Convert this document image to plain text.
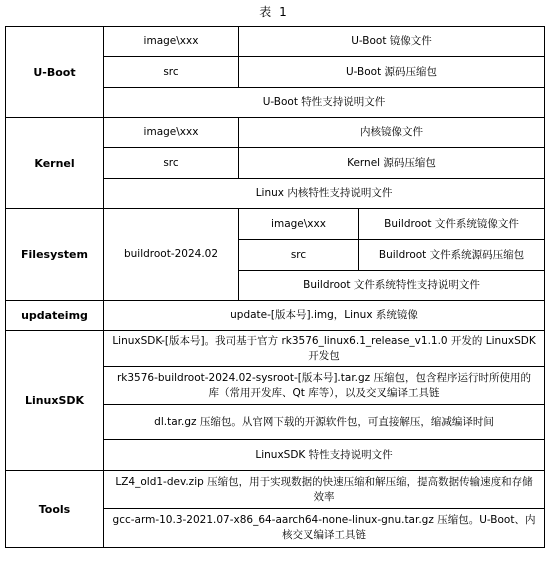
表 1
U-Boot	image\xxx	U-Boot 镜像文件	
	src	U-Boot 源码压缩包	
	U-Boot 特性支持说明文件		
Kernel	image\xxx	内核镜像文件	
	src	Kernel 源码压缩包	
	Linux 内核特性支持说明文件		
Filesystem	buildroot-2024.02	image\xxx	Buildroot 文件系统镜像文件
		src	Buildroot 文件系统源码压缩包
		Buildroot 文件系统特性支持说明文件	
updateimg	update-[版本号].img，Linux 系统镜像		
LinuxSDK	LinuxSDK-[版本号]。我司基于官方 rk3576_linux6.1_release_v1.1.0 开发的 LinuxSDK 开发包		
	rk3576-buildroot-2024.02-sysroot-[版本号].tar.gz 压缩包，包含程序运行时所使用的库（常用开发库、Qt 库等），以及交叉编译工具链		
	dl.tar.gz 压缩包。从官网下载的开源软件包，可直接解压，缩减编译时间		
	LinuxSDK 特性支持说明文件		
Tools	LZ4_old1-dev.zip 压缩包，用于实现数据的快速压缩和解压缩，提高数据传输速度和存储效率		
	gcc-arm-10.3-2021.07-x86_64-aarch64-none-linux-gnu.tar.gz 压缩包。U-Boot、内核交叉编译工具链		
